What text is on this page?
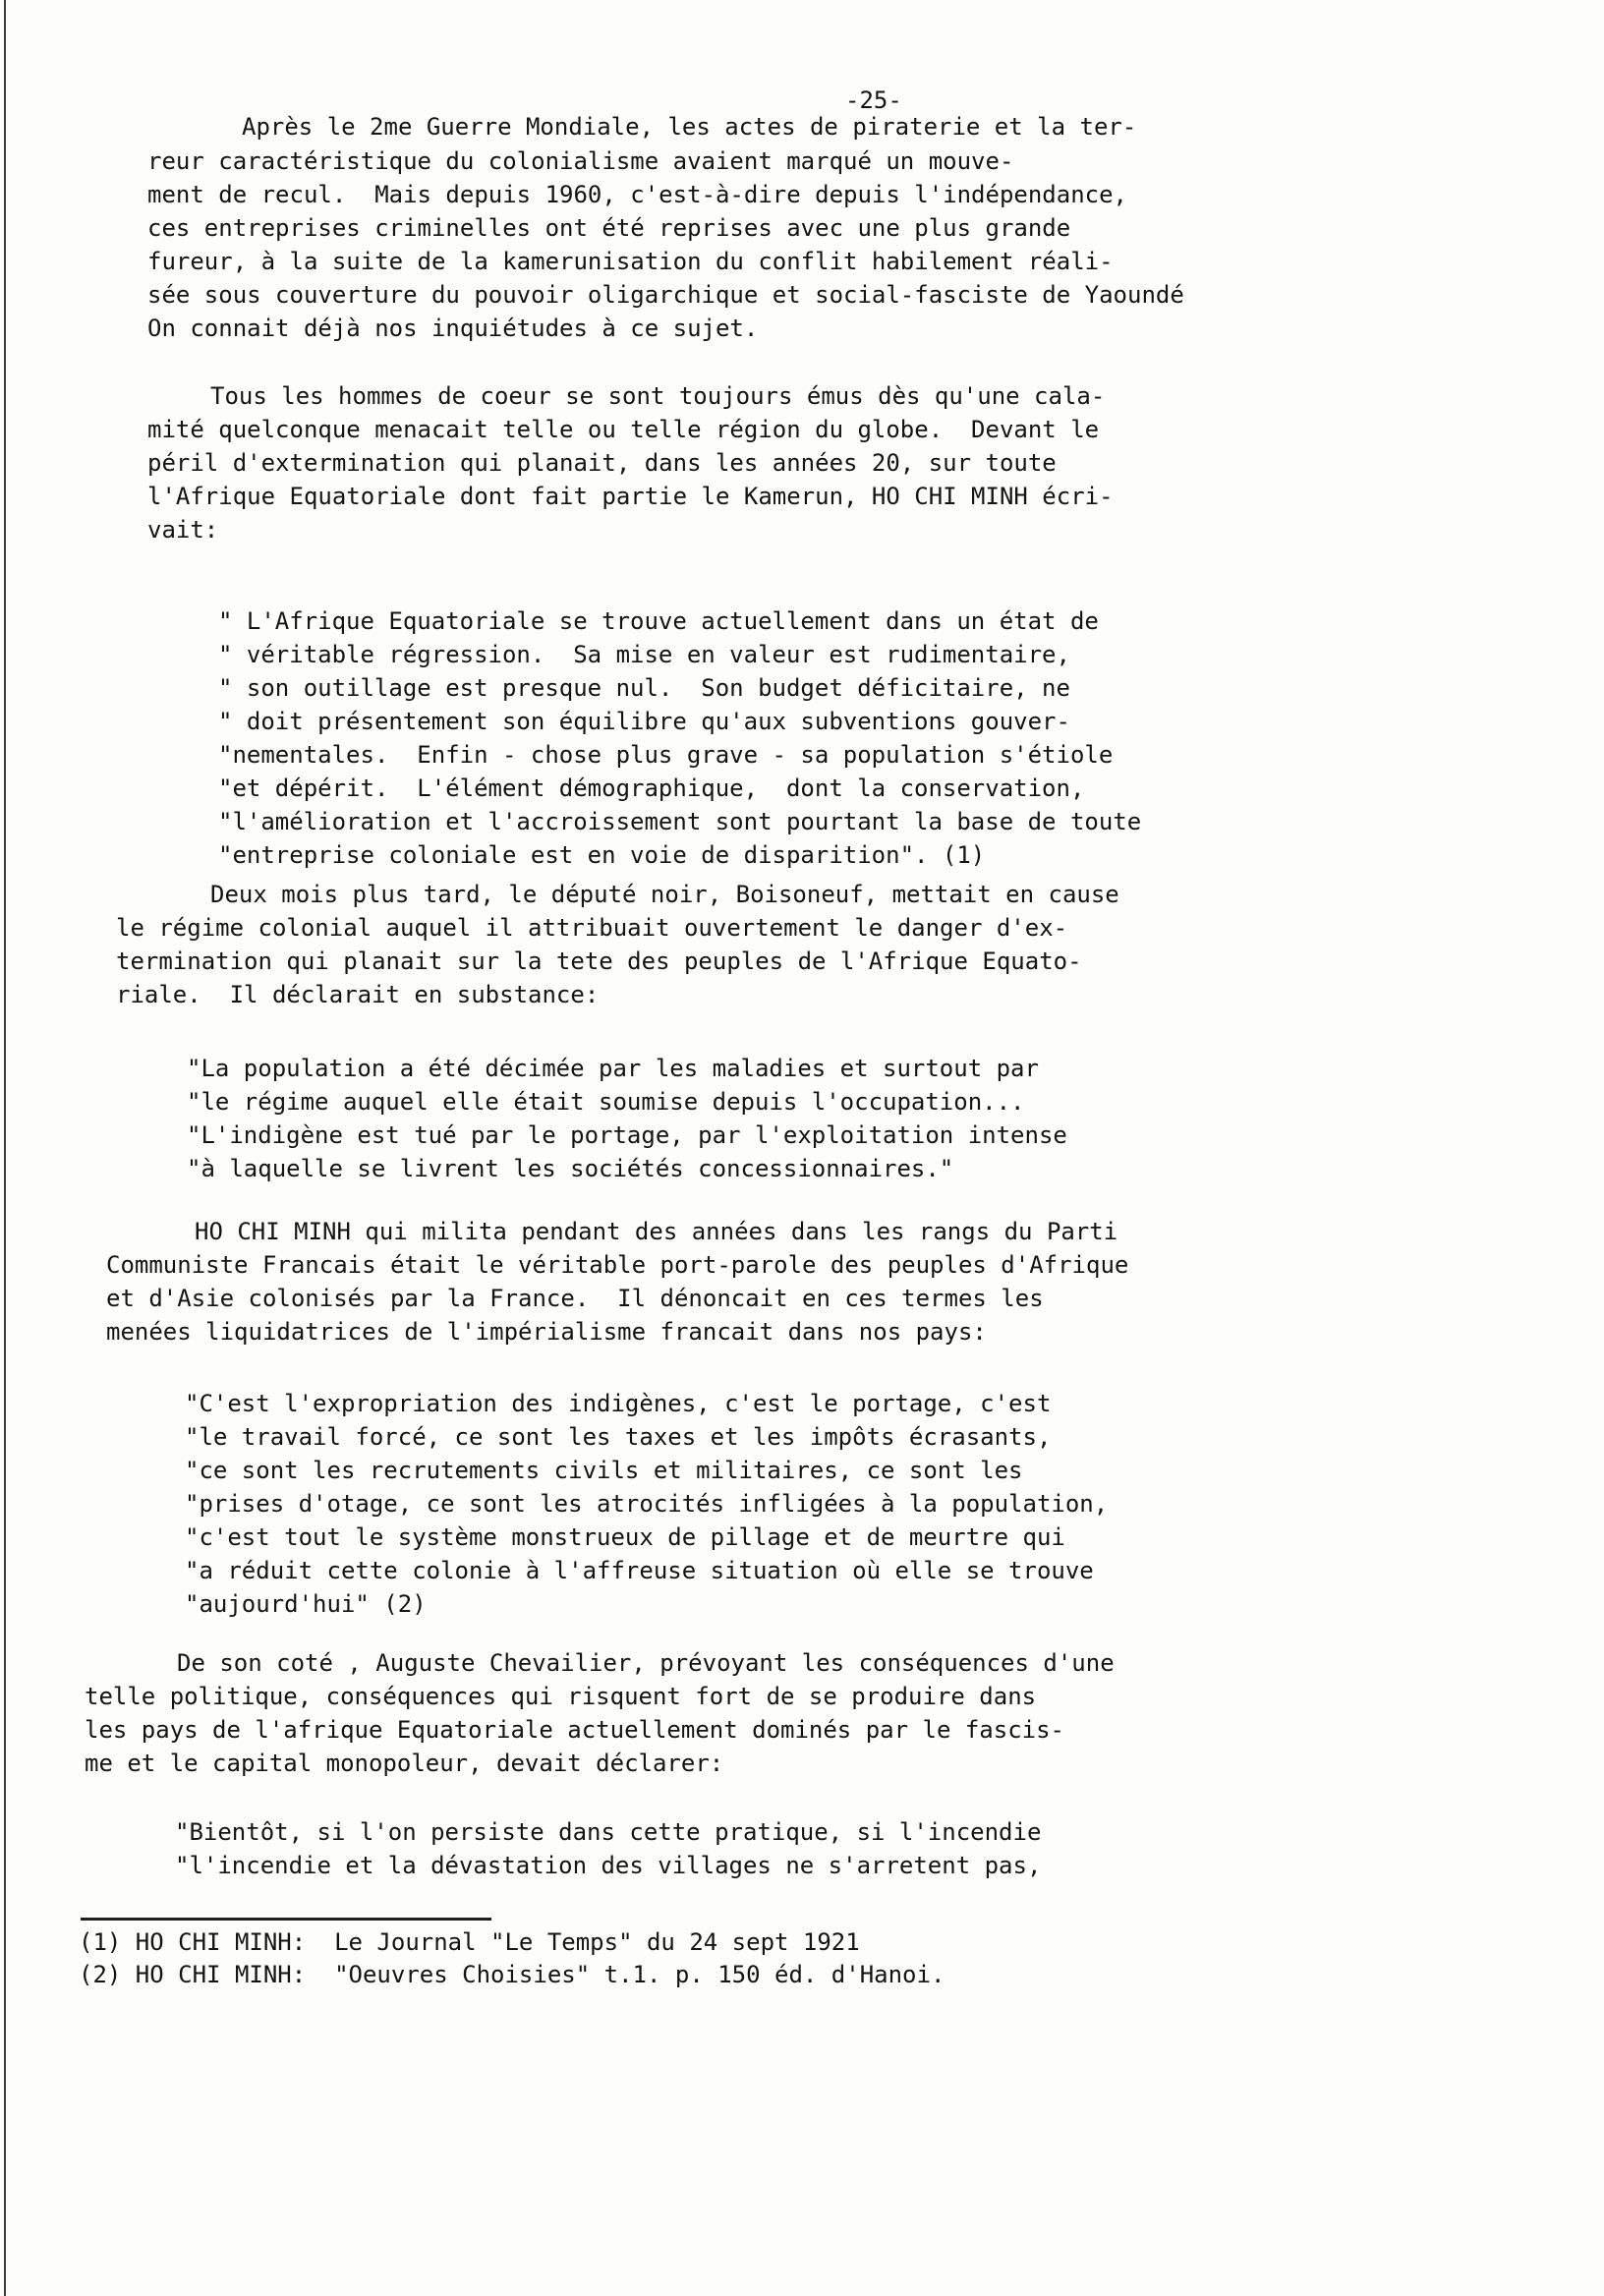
-25-

Après le 2me Guerre Mondiale, les actes de piraterie et la ter-

reur caractéristique du colonialisme avaient marqué un mouve-

ment de recul.  Mais depuis 1960, c'est-à-dire depuis l'indépendance,

ces entreprises criminelles ont été reprises avec une plus grande

fureur, à la suite de la kamerunisation du conflit habilement réali-

sée sous couverture du pouvoir oligarchique et social-fasciste de Yaoundé

On connait déjà nos inquiétudes à ce sujet.

Tous les hommes de coeur se sont toujours émus dès qu'une cala-

mité quelconque menacait telle ou telle région du globe.  Devant le

péril d'extermination qui planait, dans les années 20, sur toute

l'Afrique Equatoriale dont fait partie le Kamerun, HO CHI MINH écri-

vait:

" L'Afrique Equatoriale se trouve actuellement dans un état de

" véritable régression.  Sa mise en valeur est rudimentaire,

" son outillage est presque nul.  Son budget déficitaire, ne

" doit présentement son équilibre qu'aux subventions gouver-

"nementales.  Enfin - chose plus grave - sa population s'étiole

"et dépérit.  L'élément démographique,  dont la conservation,

"l'amélioration et l'accroissement sont pourtant la base de toute

"entreprise coloniale est en voie de disparition". (1)

Deux mois plus tard, le député noir, Boisoneuf, mettait en cause

le régime colonial auquel il attribuait ouvertement le danger d'ex-

termination qui planait sur la tete des peuples de l'Afrique Equato-

riale.  Il déclarait en substance:

"La population a été décimée par les maladies et surtout par

"le régime auquel elle était soumise depuis l'occupation...

"L'indigène est tué par le portage, par l'exploitation intense

"à laquelle se livrent les sociétés concessionnaires."

HO CHI MINH qui milita pendant des années dans les rangs du Parti

Communiste Francais était le véritable port-parole des peuples d'Afrique

et d'Asie colonisés par la France.  Il dénoncait en ces termes les

menées liquidatrices de l'impérialisme francait dans nos pays:

"C'est l'expropriation des indigènes, c'est le portage, c'est

"le travail forcé, ce sont les taxes et les impôts écrasants,

"ce sont les recrutements civils et militaires, ce sont les

"prises d'otage, ce sont les atrocités infligées à la population,

"c'est tout le système monstrueux de pillage et de meurtre qui

"a réduit cette colonie à l'affreuse situation où elle se trouve

"aujourd'hui" (2)

De son coté , Auguste Chevailier, prévoyant les conséquences d'une

telle politique, conséquences qui risquent fort de se produire dans

les pays de l'afrique Equatoriale actuellement dominés par le fascis-

me et le capital monopoleur, devait déclarer:

"Bientôt, si l'on persiste dans cette pratique, si l'incendie

"l'incendie et la dévastation des villages ne s'arretent pas,

(1) HO CHI MINH:  Le Journal "Le Temps" du 24 sept 1921
(2) HO CHI MINH:  "Oeuvres Choisies" t.1. p. 150 éd. d'Hanoi.
